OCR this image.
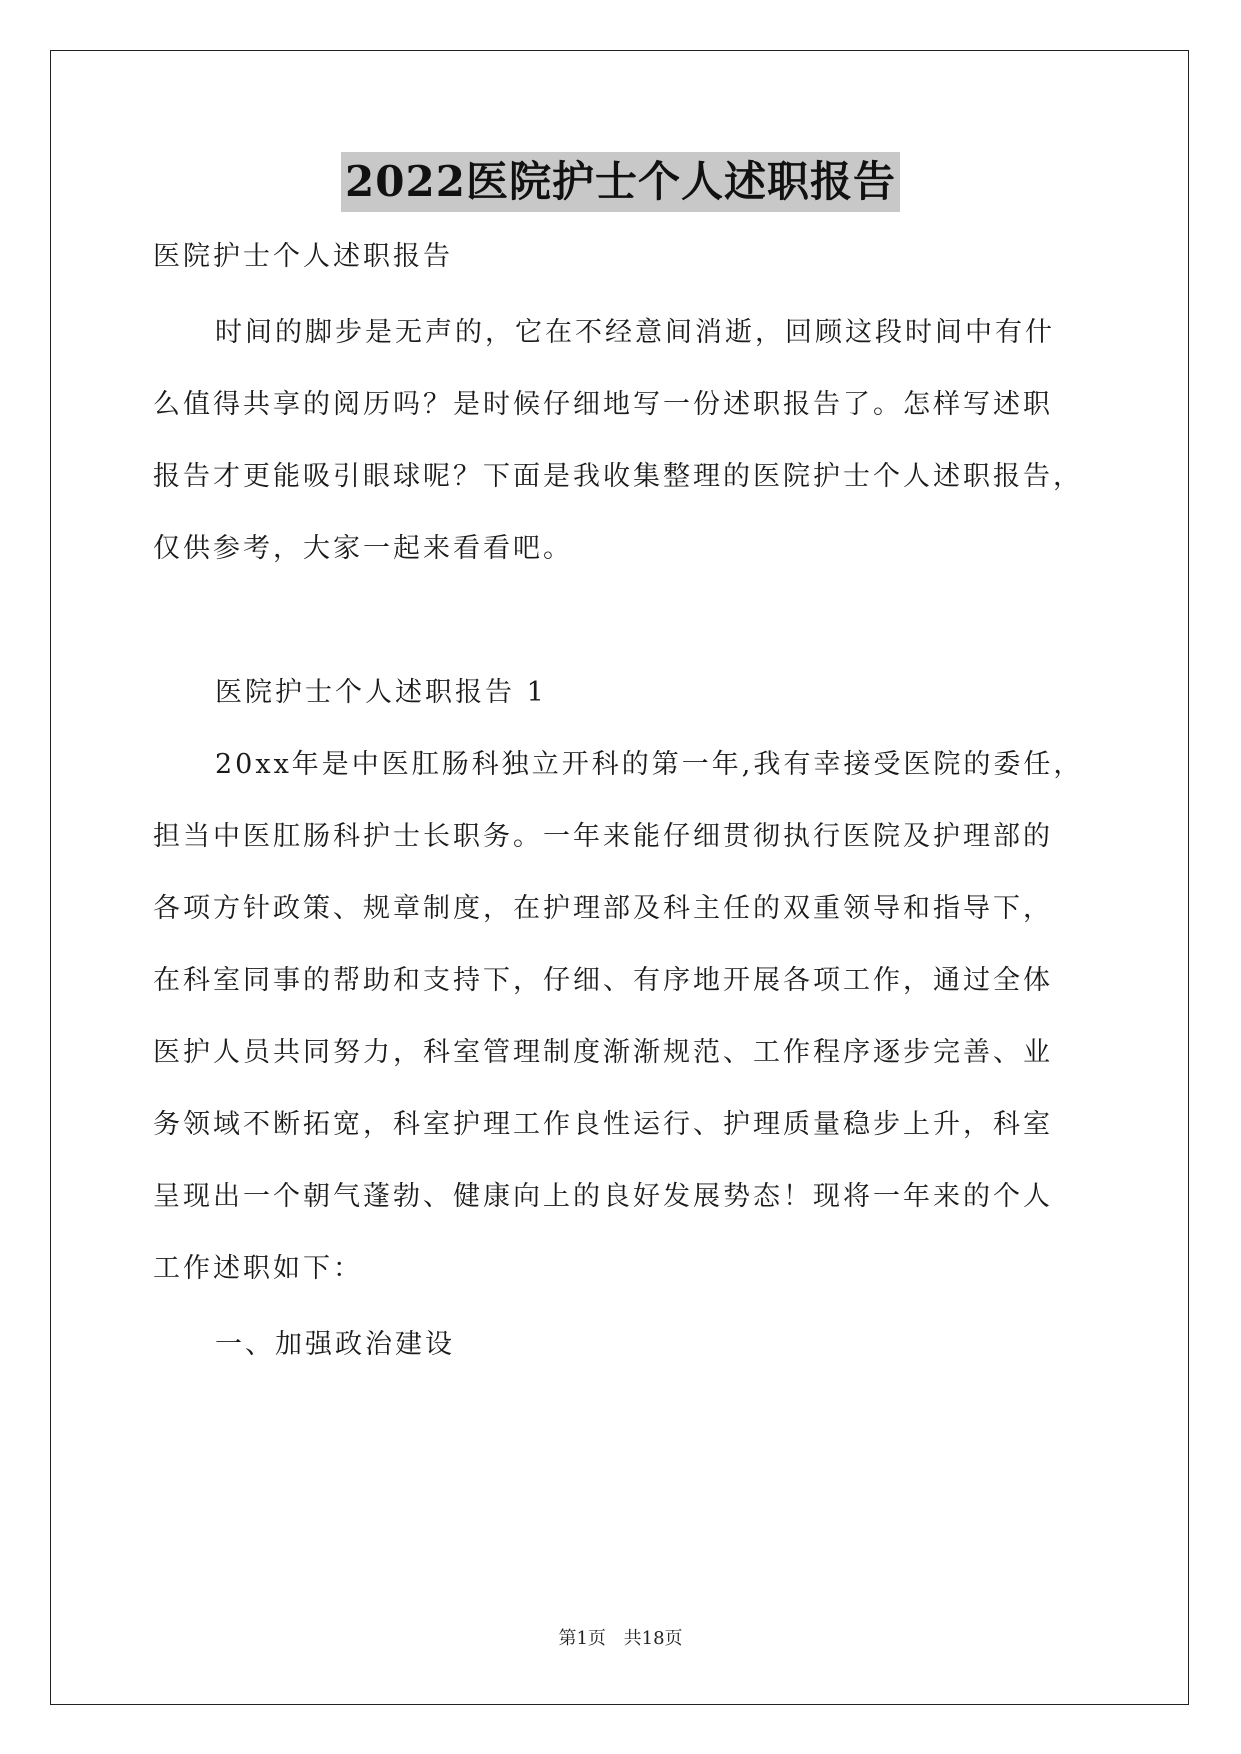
2022医院护士个人述职报告
医院护士个人述职报告
时间的脚步是无声的，它在不经意间消逝，回顾这段时间中有什
么值得共享的阅历吗？是时候仔细地写一份述职报告了。怎样写述职
报告才更能吸引眼球呢？下面是我收集整理的医院护士个人述职报告，
仅供参考，大家一起来看看吧。
医院护士个人述职报告 1
20xx年是中医肛肠科独立开科的第一年,我有幸接受医院的委任，
担当中医肛肠科护士长职务。一年来能仔细贯彻执行医院及护理部的
各项方针政策、规章制度，在护理部及科主任的双重领导和指导下，
在科室同事的帮助和支持下，仔细、有序地开展各项工作，通过全体
医护人员共同努力，科室管理制度渐渐规范、工作程序逐步完善、业
务领域不断拓宽，科室护理工作良性运行、护理质量稳步上升，科室
呈现出一个朝气蓬勃、健康向上的良好发展势态！现将一年来的个人
工作述职如下：
一、加强政治建设
第1页 共18页
